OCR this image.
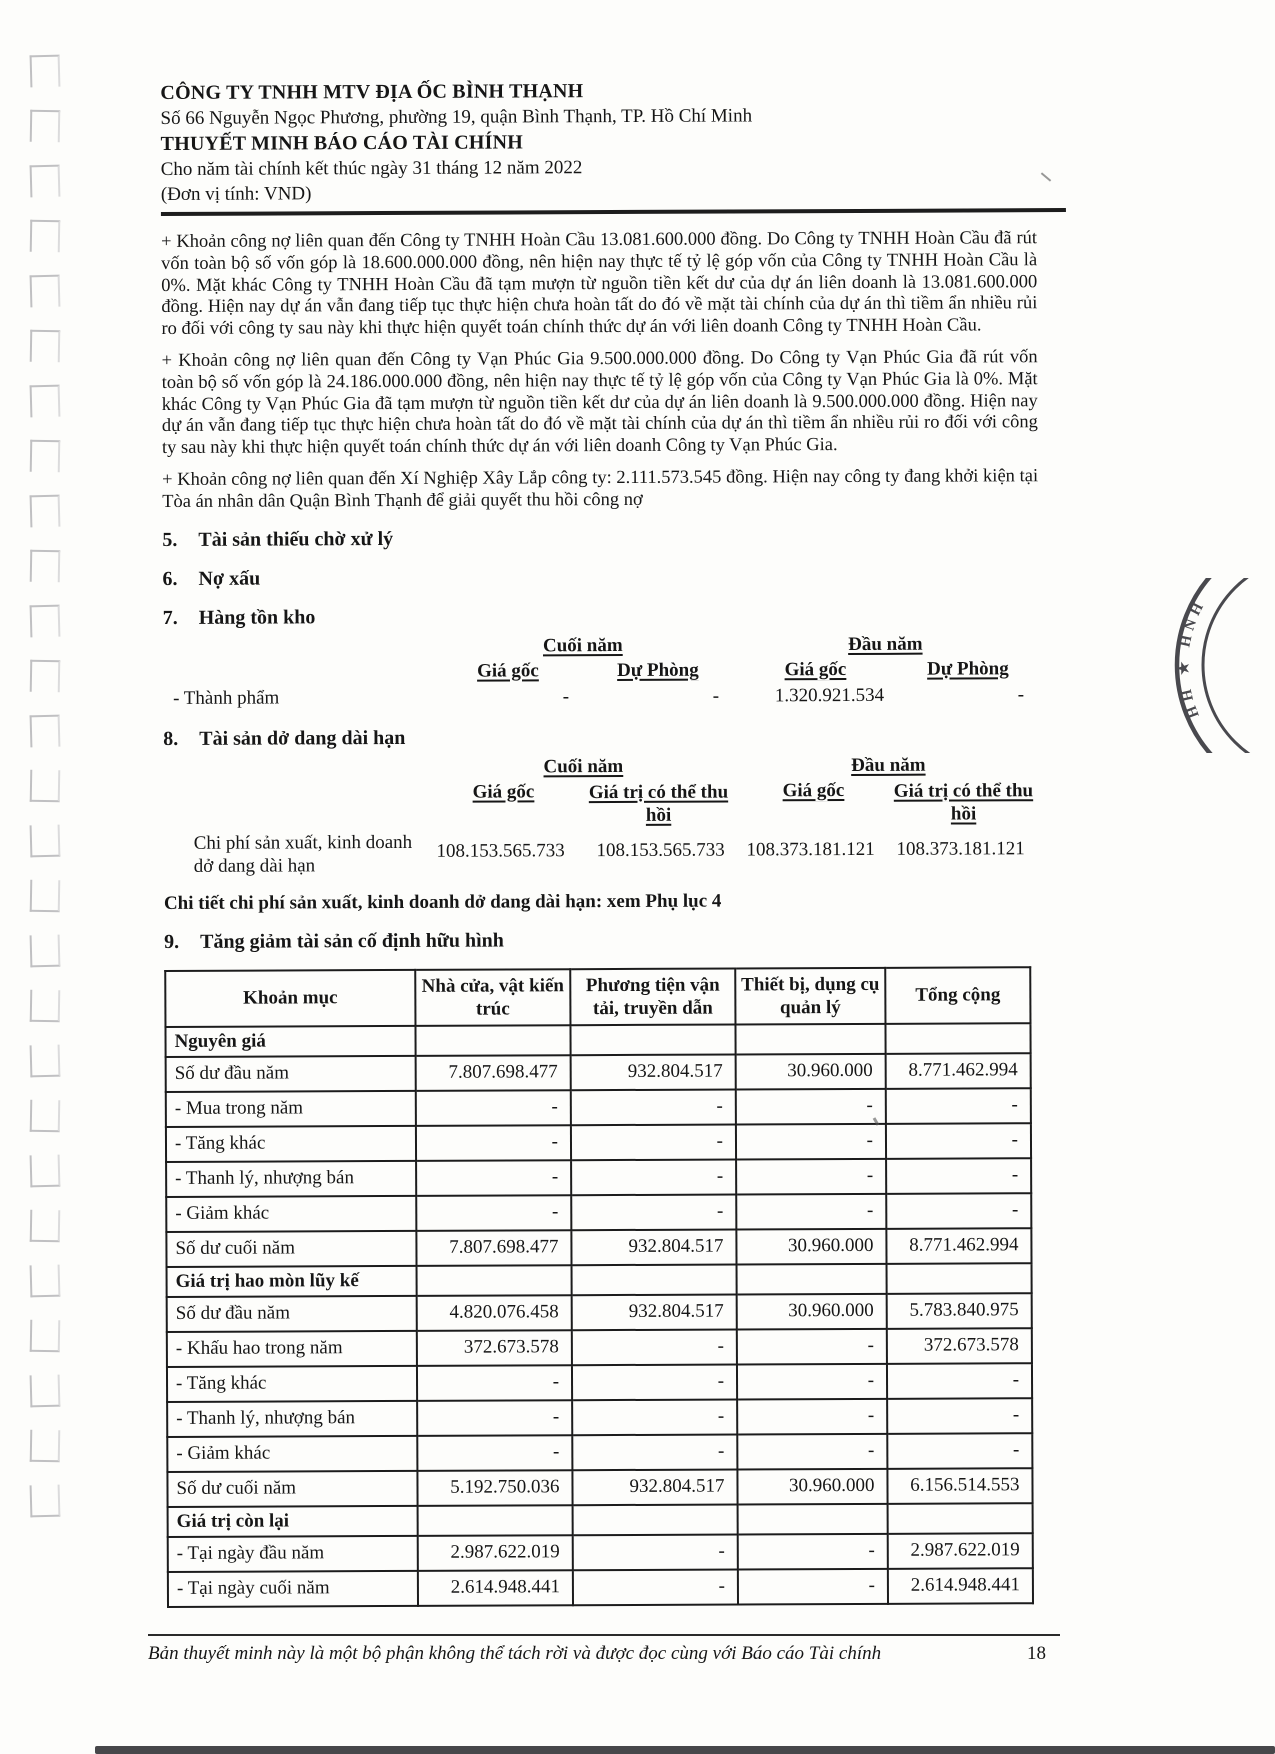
CÔNG TY TNHH MTV ĐỊA ỐC BÌNH THẠNH
Số 66 Nguyễn Ngọc Phương, phường 19, quận Bình Thạnh, TP. Hồ Chí Minh
THUYẾT MINH BÁO CÁO TÀI CHÍNH
Cho năm tài chính kết thúc ngày 31 tháng 12 năm 2022
(Đơn vị tính: VND)

+ Khoản công nợ liên quan đến Công ty TNHH Hoàn Cầu 13.081.600.000 đồng. Do Công ty TNHH Hoàn Cầu đã rút vốn toàn bộ số vốn góp là 18.600.000.000 đồng, nên hiện nay thực tế tỷ lệ góp vốn của Công ty TNHH Hoàn Cầu là 0%. Mặt khác Công ty TNHH Hoàn Cầu đã tạm mượn từ nguồn tiền kết dư của dự án liên doanh là 13.081.600.000 đồng. Hiện nay dự án vẫn đang tiếp tục thực hiện chưa hoàn tất do đó về mặt tài chính của dự án thì tiềm ẩn nhiều rủi ro đối với công ty sau này khi thực hiện quyết toán chính thức dự án với liên doanh Công ty TNHH Hoàn Cầu.

+ Khoản công nợ liên quan đến Công ty Vạn Phúc Gia 9.500.000.000 đồng. Do Công ty Vạn Phúc Gia đã rút vốn toàn bộ số vốn góp là 24.186.000.000 đồng, nên hiện nay thực tế tỷ lệ góp vốn của Công ty Vạn Phúc Gia là 0%. Mặt khác Công ty Vạn Phúc Gia đã tạm mượn từ nguồn tiền kết dư của dự án liên doanh là 9.500.000.000 đồng. Hiện nay dự án vẫn đang tiếp tục thực hiện chưa hoàn tất do đó về mặt tài chính của dự án thì tiềm ẩn nhiều rủi ro đối với công ty sau này khi thực hiện quyết toán chính thức dự án với liên doanh Công ty Vạn Phúc Gia.

+ Khoản công nợ liên quan đến Xí Nghiệp Xây Lắp công ty: 2.111.573.545 đồng. Hiện nay công ty đang khởi kiện tại Tòa án nhân dân Quận Bình Thạnh để giải quyết thu hồi công nợ

5. Tài sản thiếu chờ xử lý
6. Nợ xấu
7. Hàng tồn kho
Cuối năm	Đầu năm
Giá gốc	Dự Phòng	Giá gốc	Dự Phòng
- Thành phẩm	-	-	1.320.921.534	-
8. Tài sản dở dang dài hạn
Cuối năm	Đầu năm
Giá gốc	Giá trị có thể thu hồi
Giá gốc	Giá trị có thể thu hồi
Chi phí sản xuất, kinh doanh dở dang dài hạn
108.153.565.733	108.153.565.733	108.373.181.121	108.373.181.121
Chi tiết chi phí sản xuất, kinh doanh dở dang dài hạn: xem Phụ lục 4
9. Tăng giảm tài sản cố định hữu hình
Khoản mục	Nhà cửa, vật kiến trúc	Phương tiện vận tải, truyền dẫn	Thiết bị, dụng cụ quản lý	Tổng cộng
Nguyên giá				
Số dư đầu năm	7.807.698.477	932.804.517	30.960.000	8.771.462.994
- Mua trong năm	-	-	-	-
- Tăng khác	-	-	-	-
- Thanh lý, nhượng bán	-	-	-	-
- Giảm khác	-	-	-	-
Số dư cuối năm	7.807.698.477	932.804.517	30.960.000	8.771.462.994
Giá trị hao mòn lũy kế				
Số dư đầu năm	4.820.076.458	932.804.517	30.960.000	5.783.840.975
- Khấu hao trong năm	372.673.578	-	-	372.673.578
- Tăng khác	-	-	-	-
- Thanh lý, nhượng bán	-	-	-	-
- Giảm khác	-	-	-	-
Số dư cuối năm	5.192.750.036	932.804.517	30.960.000	6.156.514.553
Giá trị còn lại				
- Tại ngày đầu năm	2.987.622.019	-	-	2.987.622.019
- Tại ngày cuối năm	2.614.948.441	-	-	2.614.948.441
HH ★ HNH
Bản thuyết minh này là một bộ phận không thể tách rời và được đọc cùng với Báo cáo Tài chính	18
